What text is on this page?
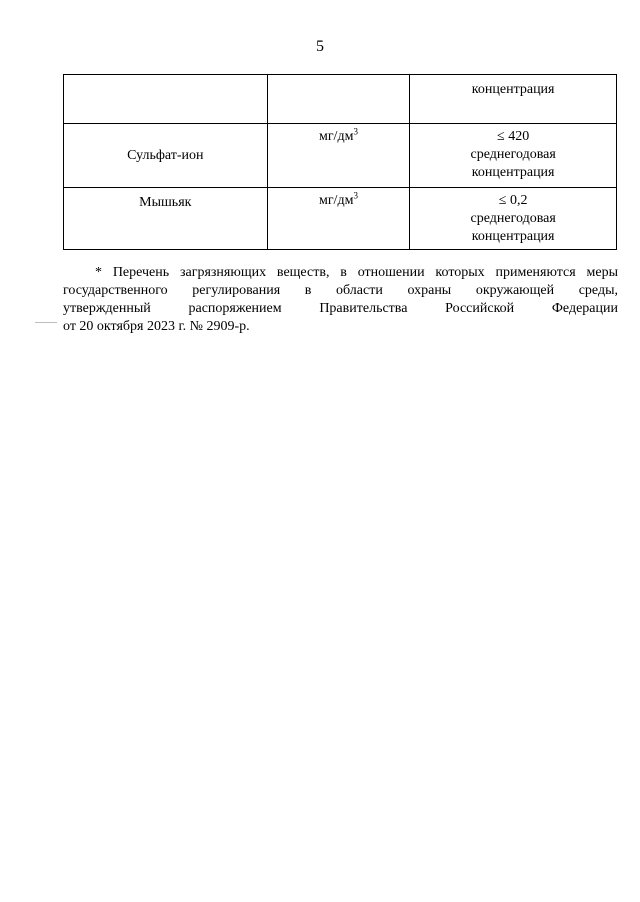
5

		концентрация

Сульфат-ион	$мг/дм^3$	≤ 420
среднегодовая
концентрация

Мышьяк	$мг/дм^3$	≤ 0,2
среднегодовая
концентрация

* Перечень загрязняющих веществ, в отношении которых применяются меры

государственного регулирования в области охраны окружающей среды,
утвержденный распоряжением Правительства Российской Федерации
от 20 октября 2023 г. № 2909-р.
